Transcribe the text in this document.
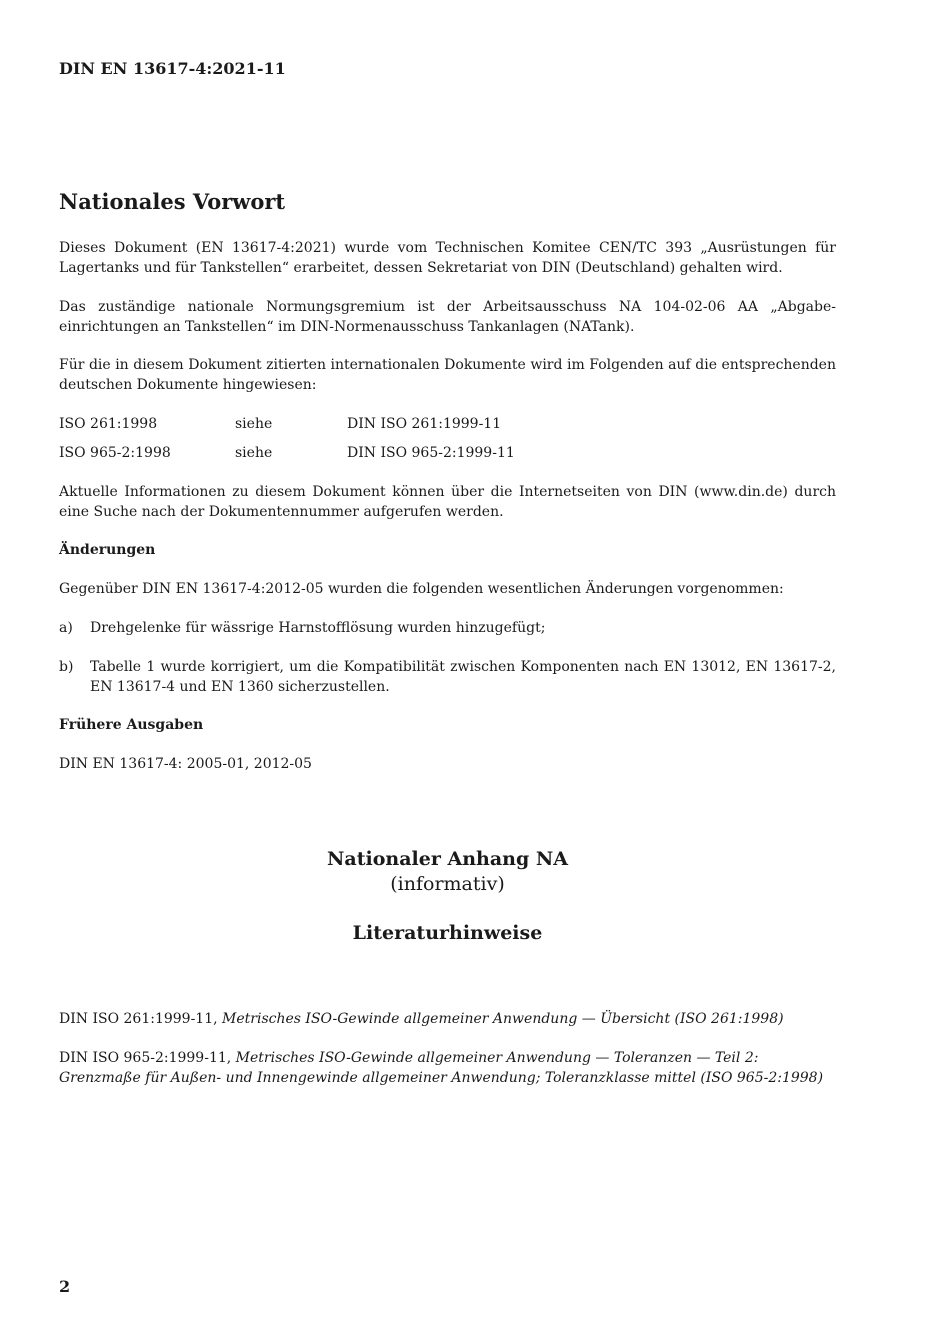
DIN EN 13617-4:2021-11
Nationales Vorwort
Dieses Dokument (EN 13617-4:2021) wurde vom Technischen Komitee CEN/TC 393 „Ausrüstungen für Lagertanks und für Tankstellen“ erarbeitet, dessen Sekretariat von DIN (Deutschland) gehalten wird.
Das zuständige nationale Normungsgremium ist der Arbeitsausschuss NA 104-02-06 AA „Abgabe-einrichtungen an Tankstellen“ im DIN-Normenausschuss Tankanlagen (NATank).
Für die in diesem Dokument zitierten internationalen Dokumente wird im Folgenden auf die entsprechenden deutschen Dokumente hingewiesen:
ISO 261:1998	siehe	DIN ISO 261:1999-11
ISO 965-2:1998	siehe	DIN ISO 965-2:1999-11
Aktuelle Informationen zu diesem Dokument können über die Internetseiten von DIN (www.din.de) durch eine Suche nach der Dokumentennummer aufgerufen werden.
Änderungen
Gegenüber DIN EN 13617-4:2012-05 wurden die folgenden wesentlichen Änderungen vorgenommen:
a) Drehgelenke für wässrige Harnstofflösung wurden hinzugefügt;
b) Tabelle 1 wurde korrigiert, um die Kompatibilität zwischen Komponenten nach EN 13012, EN 13617-2, EN 13617-4 und EN 1360 sicherzustellen.
Frühere Ausgaben
DIN EN 13617-4: 2005-01, 2012-05
Nationaler Anhang NA
(informativ)
Literaturhinweise
DIN ISO 261:1999-11, Metrisches ISO-Gewinde allgemeiner Anwendung — Übersicht (ISO 261:1998)
DIN ISO 965-2:1999-11, Metrisches ISO-Gewinde allgemeiner Anwendung — Toleranzen — Teil 2: Grenzmaße für Außen- und Innengewinde allgemeiner Anwendung; Toleranzklasse mittel (ISO 965-2:1998)
2
